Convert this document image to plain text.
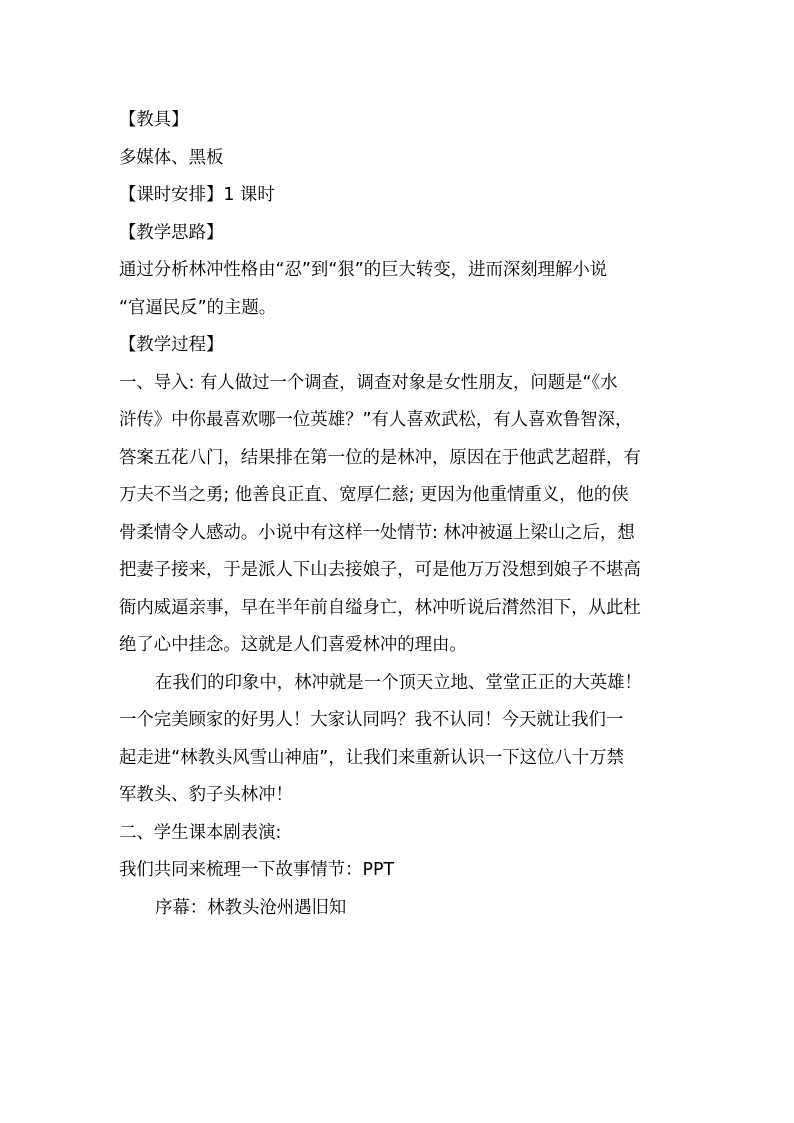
【教具】
多媒体、黑板
【课时安排】1 课时
【教学思路】
通过分析林冲性格由“忍”到“狠”的巨大转变，进而深刻理解小说
“官逼民反”的主题。
【教学过程】
一、导入: 有人做过一个调查，调查对象是女性朋友，问题是“《水
浒传》中你最喜欢哪一位英雄？”有人喜欢武松，有人喜欢鲁智深，
答案五花八门，结果排在第一位的是林冲，原因在于他武艺超群，有
万夫不当之勇; 他善良正直、宽厚仁慈; 更因为他重情重义，他的侠
骨柔情令人感动。小说中有这样一处情节: 林冲被逼上梁山之后，想
把妻子接来，于是派人下山去接娘子，可是他万万没想到娘子不堪高
衙内威逼亲事，早在半年前自缢身亡，林冲听说后潸然泪下，从此杜
绝了心中挂念。这就是人们喜爱林冲的理由。
在我们的印象中，林冲就是一个顶天立地、堂堂正正的大英雄！
一个完美顾家的好男人！大家认同吗？我不认同！今天就让我们一
起走进“林教头风雪山神庙”，让我们来重新认识一下这位八十万禁
军教头、豹子头林冲！
二、学生课本剧表演:
我们共同来梳理一下故事情节：PPT
序幕：林教头沧州遇旧知
